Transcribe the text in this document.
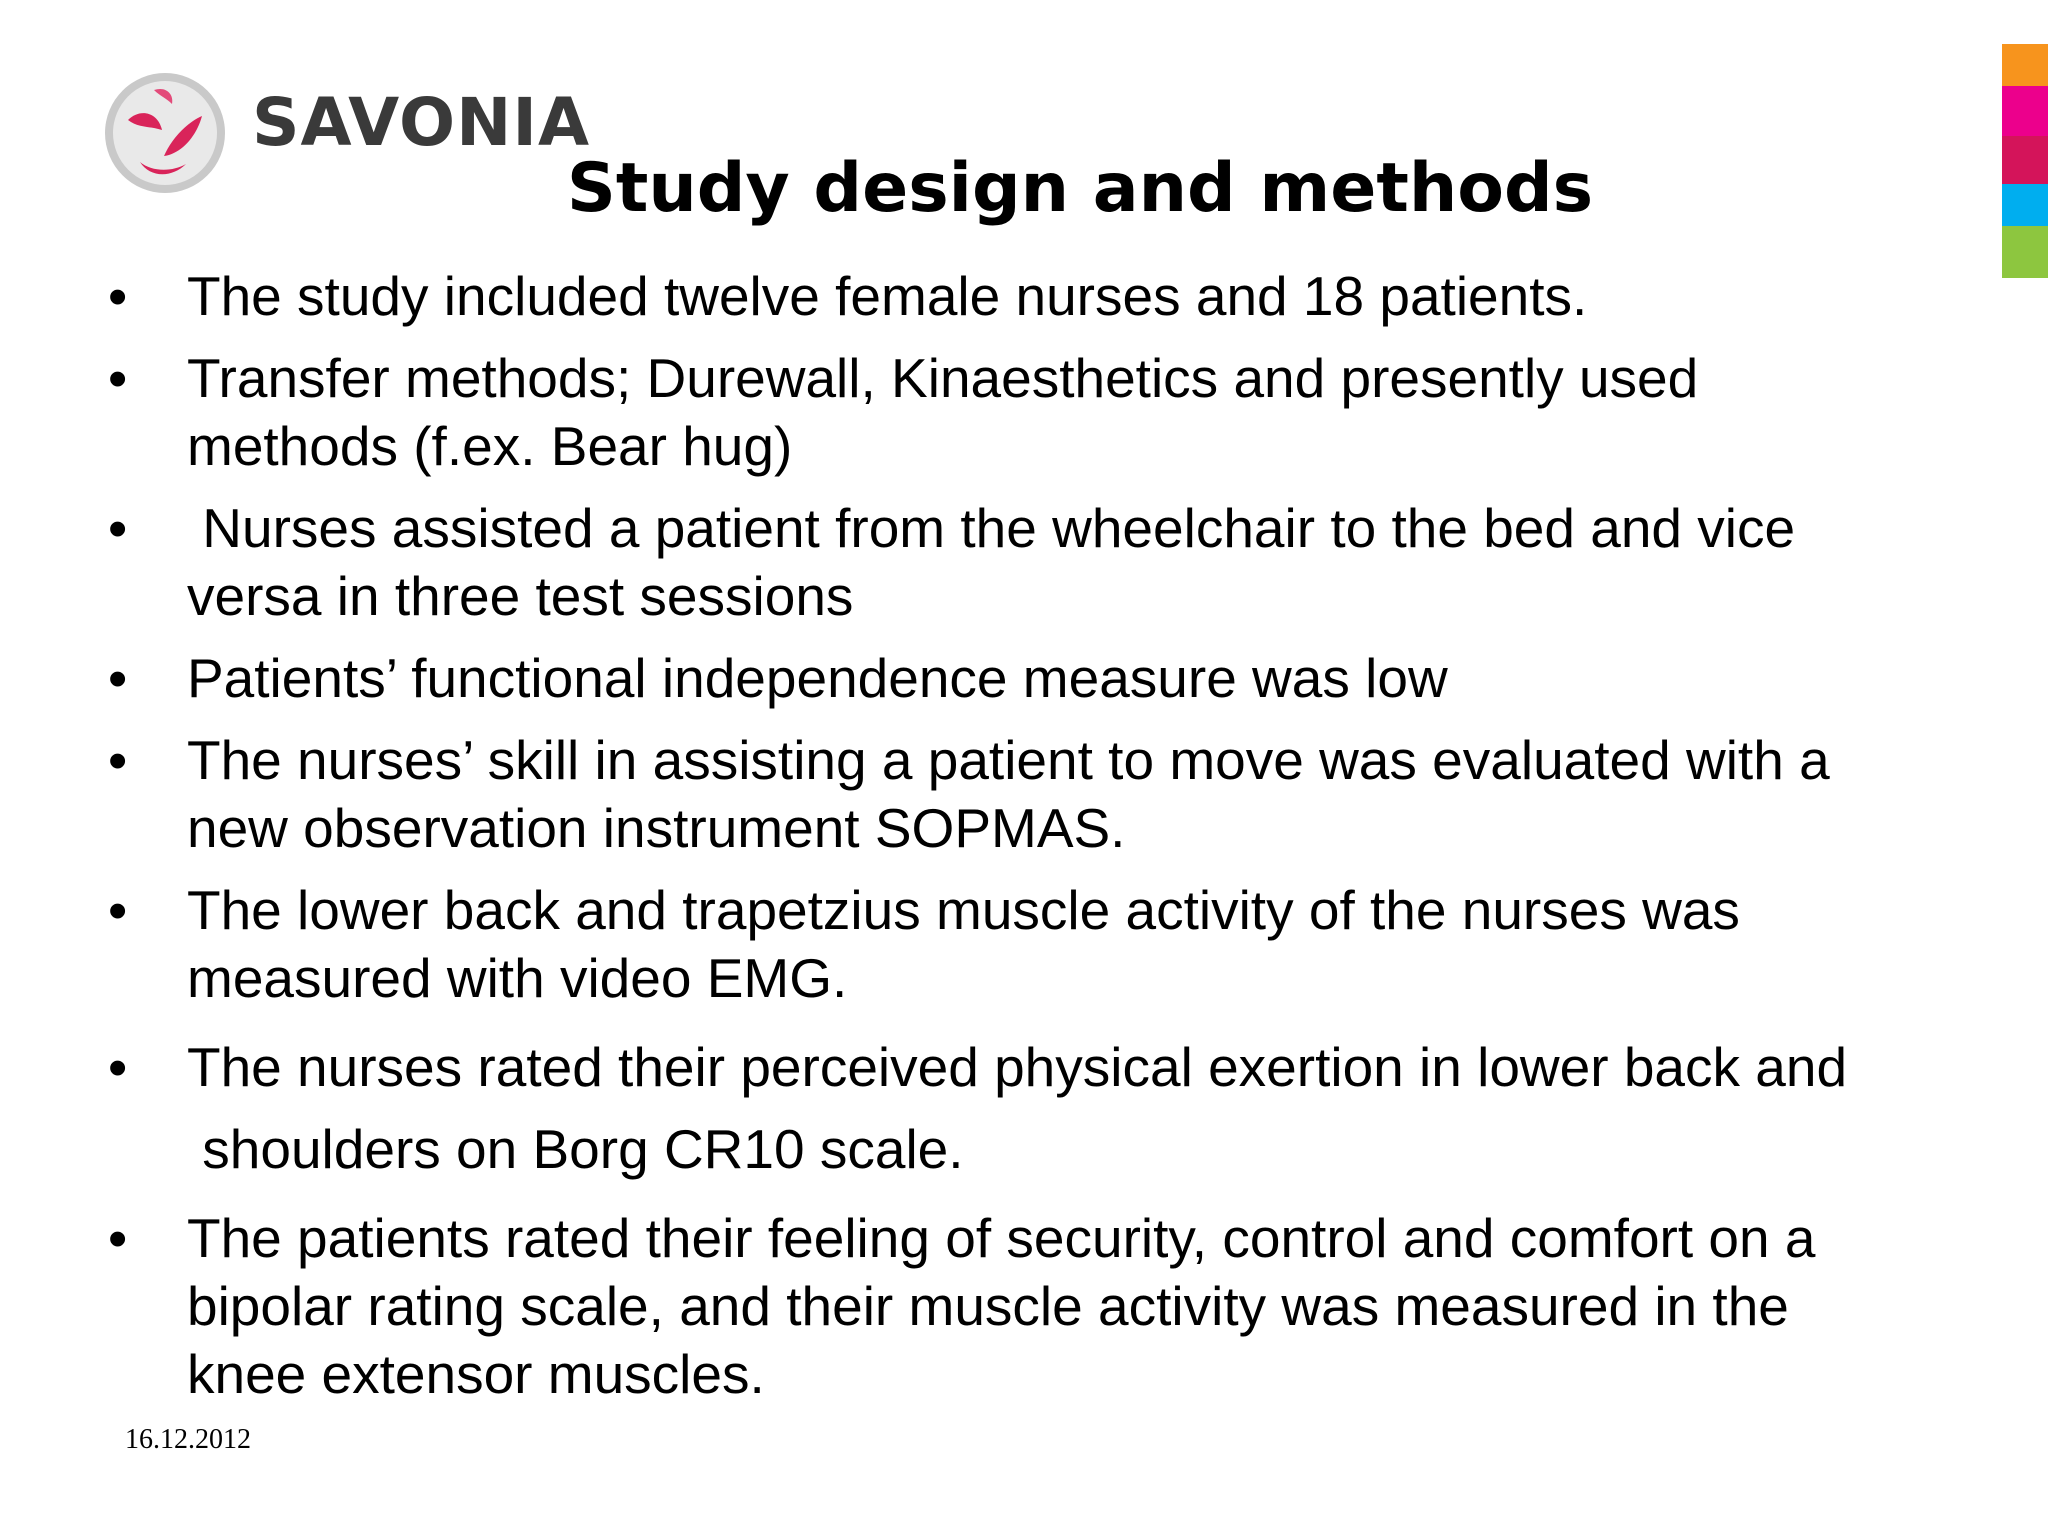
SAVONIA
Study design and methods
• The study included twelve female nurses and 18 patients.
• Transfer methods; Durewall, Kinaesthetics and presently used
methods (f.ex. Bear hug)
• Nurses assisted a patient from the wheelchair to the bed and vice
versa in three test sessions
• Patients’ functional independence measure was low
• The nurses’ skill in assisting a patient to move was evaluated with a
new observation instrument SOPMAS.
• The lower back and trapetzius muscle activity of the nurses was
measured with video EMG.
• The nurses rated their perceived physical exertion in lower back and
shoulders on Borg CR10 scale.
• The patients rated their feeling of security, control and comfort on a
bipolar rating scale, and their muscle activity was measured in the
knee extensor muscles.
16.12.2012
